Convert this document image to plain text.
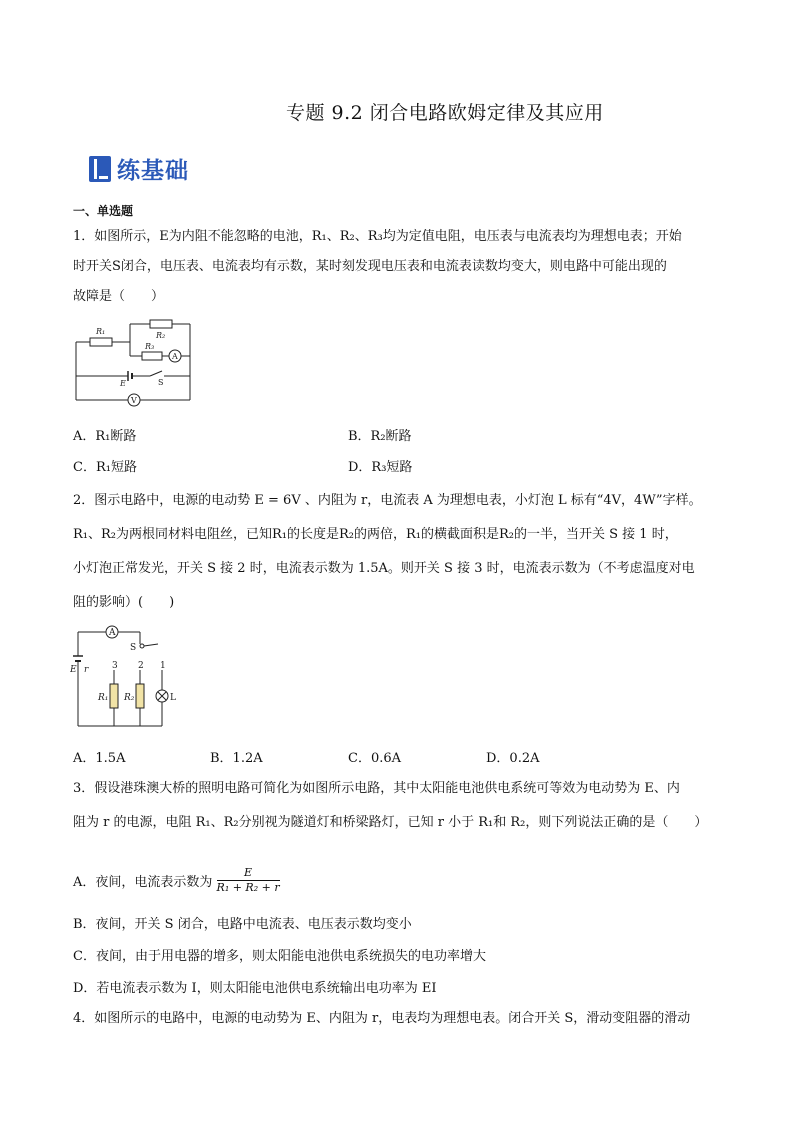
专题 9.2 闭合电路欧姆定律及其应用
练基础
一、单选题
1．如图所示，E为内阻不能忽略的电池，R₁、R₂、R₃均为定值电阻，电压表与电流表均为理想电表；开始
时开关S闭合，电压表、电流表均有示数，某时刻发现电压表和电流表读数均变大，则电路中可能出现的
故障是（　　）
R₁	R₂
R₃
E
A
V
S
A．R₁断路	B．R₂断路
C．R₁短路	D．R₃短路
2．图示电路中，电源的电动势 E = 6V 、内阻为 r，电流表 A 为理想电表，小灯泡 L 标有“4V，4W”字样。
R₁、R₂为两根同材料电阻丝，已知R₁的长度是R₂的两倍，R₁的横截面积是R₂的一半，当开关 S 接 1 时，
小灯泡正常发光，开关 S 接 2 时，电流表示数为 1.5A。则开关 S 接 3 时，电流表示数为（不考虑温度对电
阻的影响）(　　)
A
S
3 2 1
L
E r
R₁ R₂
A．1.5A	B．1.2A	C．0.6A	D．0.2A
3．假设港珠澳大桥的照明电路可简化为如图所示电路，其中太阳能电池供电系统可等效为电动势为 E、内
阻为 r 的电源，电阻 R₁、R₂分别视为隧道灯和桥梁路灯，已知 r 小于 R₁和 R₂，则下列说法正确的是（　　）
A．夜间，电流表示数为 $\frac{E}{\text{R₁ + R₂ + r}}$
B．夜间，开关 S 闭合，电路中电流表、电压表示数均变小
C．夜间，由于用电器的增多，则太阳能电池供电系统损失的电功率增大
D．若电流表示数为 I，则太阳能电池供电系统输出电功率为 EI
4．如图所示的电路中，电源的电动势为 E、内阻为 r，电表均为理想电表。闭合开关 S，滑动变阻器的滑动
